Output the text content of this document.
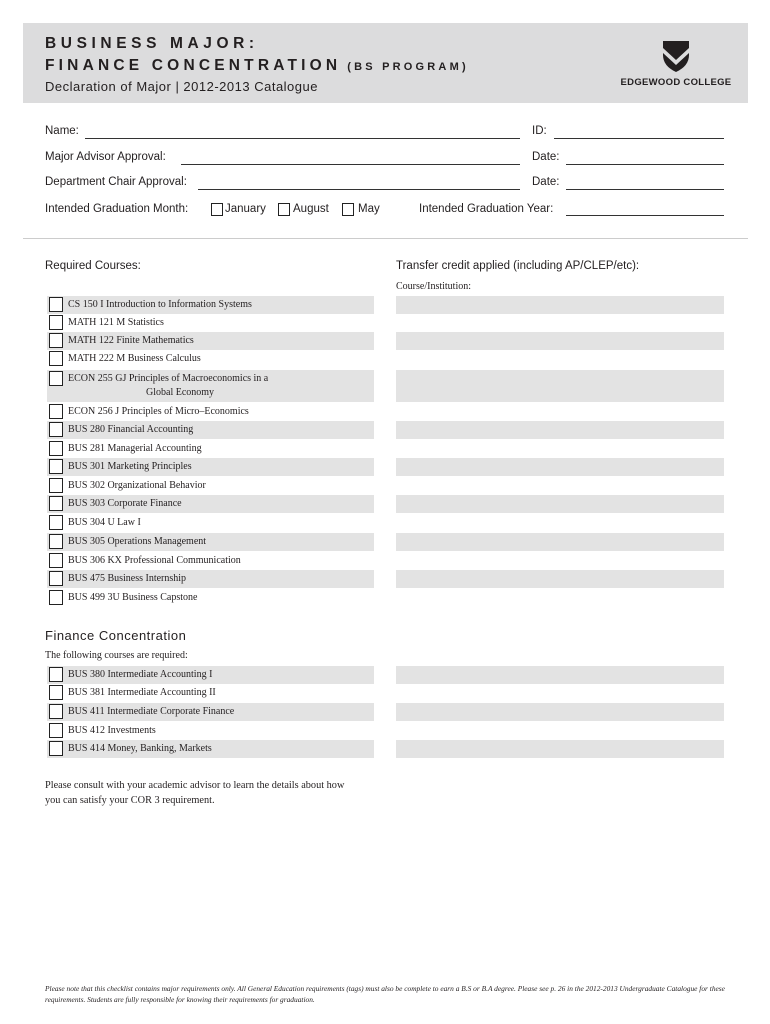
BUSINESS MAJOR:
FINANCE CONCENTRATION (BS PROGRAM)
Declaration of Major | 2012-2013 Catalogue	EDGEWOOD COLLEGE
Name:	ID:
Major Advisor Approval:	Date:
Department Chair Approval:	Date:
Intended Graduation Month:	January August	May	Intended Graduation Year:
Required Courses:	Transfer credit applied (including AP/CLEP/etc):
Course/Institution:
CS 150 I Introduction to Information Systems
MATH 121 M Statistics
MATH 122 Finite Mathematics
MATH 222 M Business Calculus
ECON 255 GJ Principles of Macroeconomics in a
Global Economy
ECON 256 J Principles of Micro–Economics
BUS 280 Financial Accounting
BUS 281 Managerial Accounting
BUS 301 Marketing Principles
BUS 302 Organizational Behavior
BUS 303 Corporate Finance
BUS 304 U Law I
BUS 305 Operations Management
BUS 306 KX Professional Communication
BUS 475 Business Internship
BUS 499 3U Business Capstone
Finance Concentration
The following courses are required:
BUS 380 Intermediate Accounting I
BUS 381 Intermediate Accounting II
BUS 411 Intermediate Corporate Finance
BUS 412 Investments
BUS 414 Money, Banking, Markets
Please consult with your academic advisor to learn the details about how
you can satisfy your COR 3 requirement.
Please note that this checklist contains major requirements only. All General Education requirements (tags) must also be complete to earn a B.S or B.A degree. Please see p. 26 in the 2012-2013 Undergraduate Catalogue for these requirements. Students are fully responsible for knowing their requirements for graduation.
